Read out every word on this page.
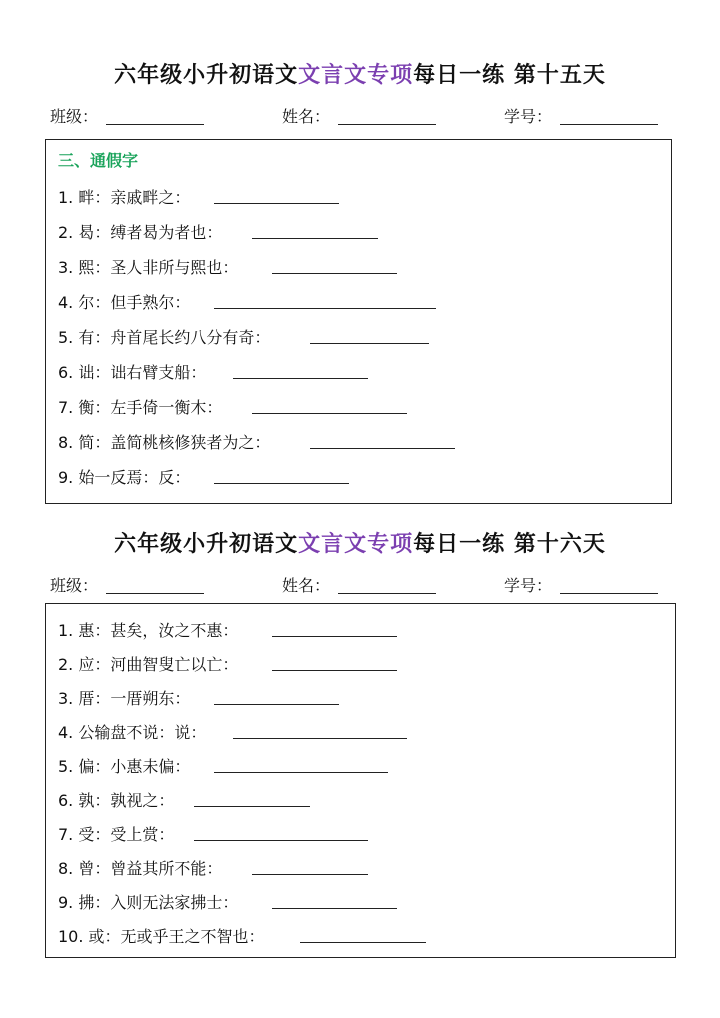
六年级小升初语文文言文专项每日一练 第十五天
班级：	姓名：	学号：
三、通假字
1. 畔：亲戚畔之：
2. 曷：缚者曷为者也：
3. 熙：圣人非所与熙也：
4. 尔：但手熟尔：
5. 有：舟首尾长约八分有奇：
6. 诎：诎右臂支船：
7. 衡：左手倚一衡木：
8. 简：盖简桃核修狭者为之：
9. 始一反焉：反：
六年级小升初语文文言文专项每日一练 第十六天
班级：	姓名：	学号：
1. 惠：甚矣，汝之不惠：
2. 应：河曲智叟亡以亡：
3. 厝：一厝朔东：
4. 公输盘不说：说：
5. 偏：小惠未偏：
6. 孰：孰视之：
7. 受：受上赏：
8. 曾：曾益其所不能：
9. 拂：入则无法家拂士：
10. 或：无或乎王之不智也：
